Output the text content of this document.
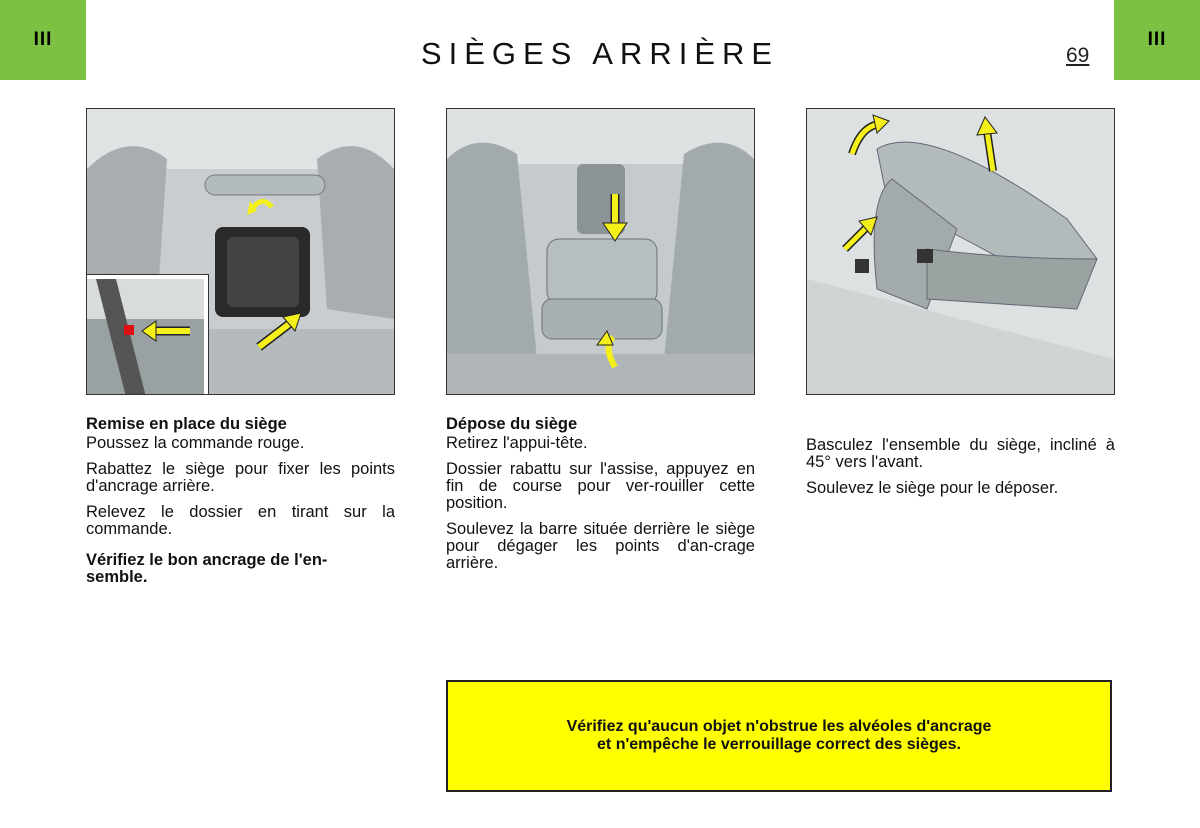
III	III
SIÈGES ARRIÈRE	69

Remise en place du siège

Poussez la commande rouge.

Rabattez le siège pour fixer les points d'ancrage arrière.

Relevez le dossier en tirant sur la commande.

Vérifiez le bon ancrage de l'en-
semble.

Dépose du siège

Retirez l'appui-tête.

Dossier rabattu sur l'assise, appuyez en fin de course pour ver-rouiller cette position.

Soulevez la barre située derrière le siège pour dégager les points d'an-crage arrière.

Basculez l'ensemble du siège, incliné à 45° vers l'avant.

Soulevez le siège pour le déposer.

Vérifiez qu'aucun objet n'obstrue les alvéoles d'ancrage
et n'empêche le verrouillage correct des sièges.
